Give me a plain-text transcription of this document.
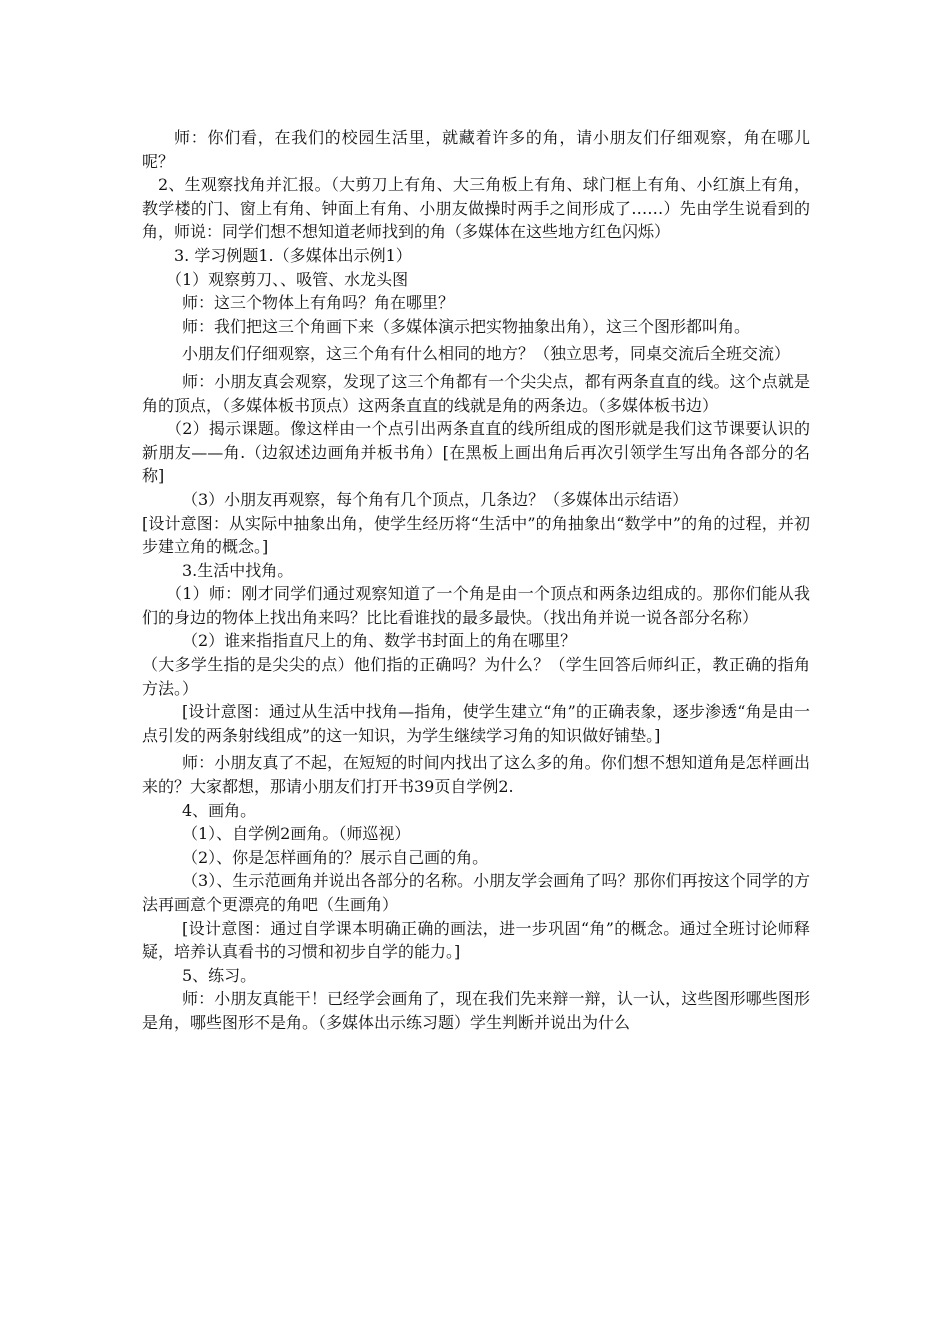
师：你们看，在我们的校园生活里，就藏着许多的角，请小朋友们仔细观察，角在哪儿呢？

2、生观察找角并汇报。（大剪刀上有角、大三角板上有角、球门框上有角、小红旗上有角，教学楼的门、窗上有角、钟面上有角、小朋友做操时两手之间形成了……）先由学生说看到的角，师说：同学们想不想知道老师找到的角（多媒体在这些地方红色闪烁）

3. 学习例题1.（多媒体出示例1）

（1）观察剪刀、、吸管、水龙头图

师：这三个物体上有角吗？角在哪里？

师：我们把这三个角画下来（多媒体演示把实物抽象出角），这三个图形都叫角。

小朋友们仔细观察，这三个角有什么相同的地方？（独立思考，同桌交流后全班交流）

师：小朋友真会观察，发现了这三个角都有一个尖尖点，都有两条直直的线。这个点就是角的顶点，（多媒体板书顶点）这两条直直的线就是角的两条边。（多媒体板书边）

（2）揭示课题。像这样由一个点引出两条直直的线所组成的图形就是我们这节课要认识的新朋友——角.（边叙述边画角并板书角）[在黑板上画出角后再次引领学生写出角各部分的名称]

（3）小朋友再观察，每个角有几个顶点，几条边？（多媒体出示结语）

[设计意图：从实际中抽象出角，使学生经历将“生活中”的角抽象出“数学中”的角的过程，并初步建立角的概念。]

3.生活中找角。

（1）师：刚才同学们通过观察知道了一个角是由一个顶点和两条边组成的。那你们能从我们的身边的物体上找出角来吗？比比看谁找的最多最快。（找出角并说一说各部分名称）

（2）谁来指指直尺上的角、数学书封面上的角在哪里？

（大多学生指的是尖尖的点）他们指的正确吗？为什么？（学生回答后师纠正，教正确的指角方法。）

[设计意图：通过从生活中找角—指角，使学生建立“角”的正确表象，逐步渗透“角是由一点引发的两条射线组成”的这一知识，为学生继续学习角的知识做好铺垫。]

师：小朋友真了不起，在短短的时间内找出了这么多的角。你们想不想知道角是怎样画出来的？大家都想，那请小朋友们打开书39页自学例2.

4、画角。

（1）、自学例2画角。（师巡视）

（2）、你是怎样画角的？展示自己画的角。

（3）、生示范画角并说出各部分的名称。小朋友学会画角了吗？那你们再按这个同学的方法再画意个更漂亮的角吧（生画角）

[设计意图：通过自学课本明确正确的画法，进一步巩固“角”的概念。通过全班讨论师释疑，培养认真看书的习惯和初步自学的能力。]

5、练习。

师：小朋友真能干！已经学会画角了，现在我们先来辩一辩，认一认，这些图形哪些图形是角，哪些图形不是角。（多媒体出示练习题）学生判断并说出为什么
